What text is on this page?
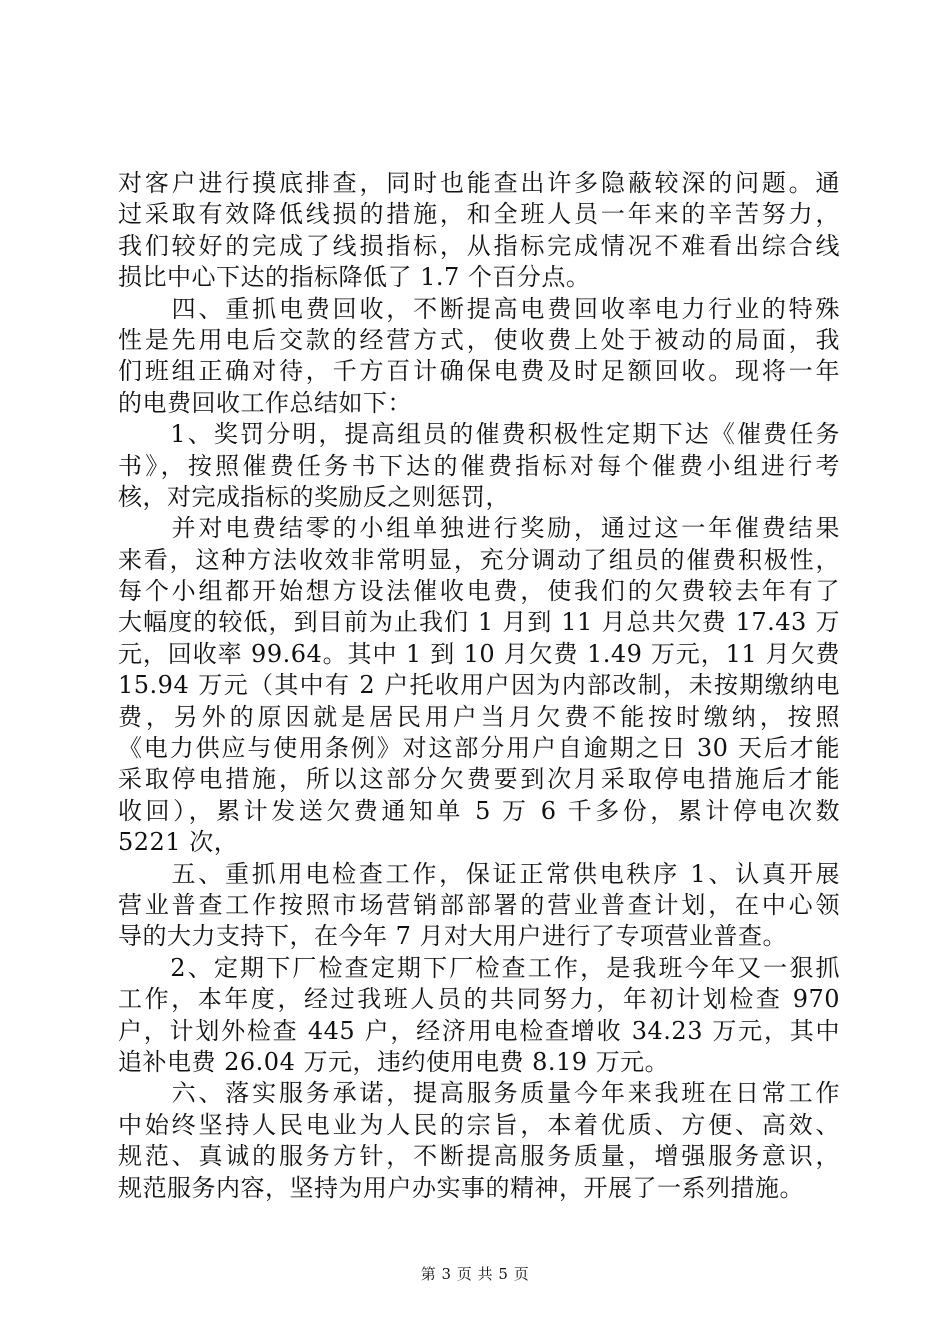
对客户进行摸底排查，同时也能查出许多隐蔽较深的问题。通
过采取有效降低线损的措施，和全班人员一年来的辛苦努力，
我们较好的完成了线损指标，从指标完成情况不难看出综合线
损比中心下达的指标降低了 1.7 个百分点。
　　四、重抓电费回收，不断提高电费回收率电力行业的特殊
性是先用电后交款的经营方式，使收费上处于被动的局面，我
们班组正确对待，千方百计确保电费及时足额回收。现将一年
的电费回收工作总结如下：
　　1、奖罚分明，提高组员的催费积极性定期下达《催费任务
书》，按照催费任务书下达的催费指标对每个催费小组进行考
核，对完成指标的奖励反之则惩罚，
　　并对电费结零的小组单独进行奖励，通过这一年催费结果
来看，这种方法收效非常明显，充分调动了组员的催费积极性，
每个小组都开始想方设法催收电费，使我们的欠费较去年有了
大幅度的较低，到目前为止我们 1 月到 11 月总共欠费 17.43 万
元，回收率 99.64。其中 1 到 10 月欠费 1.49 万元，11 月欠费
15.94 万元（其中有 2 户托收用户因为内部改制，未按期缴纳电
费，另外的原因就是居民用户当月欠费不能按时缴纳，按照
《电力供应与使用条例》对这部分用户自逾期之日 30 天后才能
采取停电措施，所以这部分欠费要到次月采取停电措施后才能
收回），累计发送欠费通知单 5 万 6 千多份，累计停电次数
5221 次，
　　五、重抓用电检查工作，保证正常供电秩序 1、认真开展
营业普查工作按照市场营销部部署的营业普查计划，在中心领
导的大力支持下，在今年 7 月对大用户进行了专项营业普查。
　　2、定期下厂检查定期下厂检查工作，是我班今年又一狠抓
工作，本年度，经过我班人员的共同努力，年初计划检查 970
户，计划外检查 445 户，经济用电检查增收 34.23 万元，其中
追补电费 26.04 万元，违约使用电费 8.19 万元。
　　六、落实服务承诺，提高服务质量今年来我班在日常工作
中始终坚持人民电业为人民的宗旨，本着优质、方便、高效、
规范、真诚的服务方针，不断提高服务质量，增强服务意识，
规范服务内容，坚持为用户办实事的精神，开展了一系列措施。
第 3 页 共 5 页
